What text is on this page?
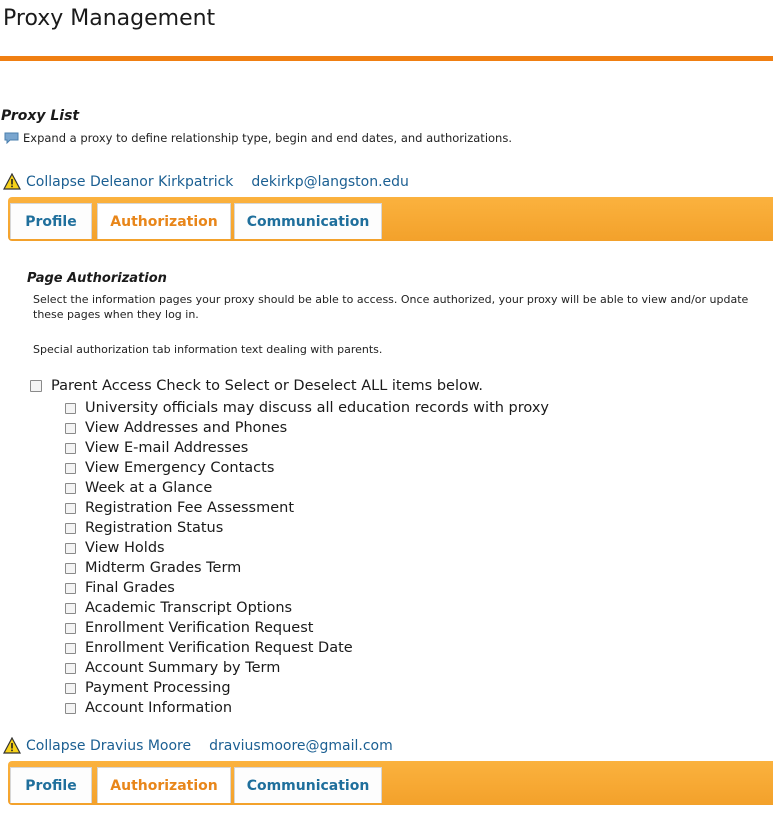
Proxy Management
Proxy List
Expand a proxy to define relationship type, begin and end dates, and authorizations.
Collapse Deleanor Kirkpatrick dekirkp@langston.edu
Profile	Authorization	Communication
Page Authorization
Select the information pages your proxy should be able to access. Once authorized, your proxy will be able to view and/or update these pages when they log in.
Special authorization tab information text dealing with parents.
Parent Access Check to Select or Deselect ALL items below.
University officials may discuss all education records with proxy
View Addresses and Phones
View E-mail Addresses
View Emergency Contacts
Week at a Glance
Registration Fee Assessment
Registration Status
View Holds
Midterm Grades Term
Final Grades
Academic Transcript Options
Enrollment Verification Request
Enrollment Verification Request Date
Account Summary by Term
Payment Processing
Account Information
Collapse Dravius Moore draviusmoore@gmail.com
Profile	Authorization	Communication
